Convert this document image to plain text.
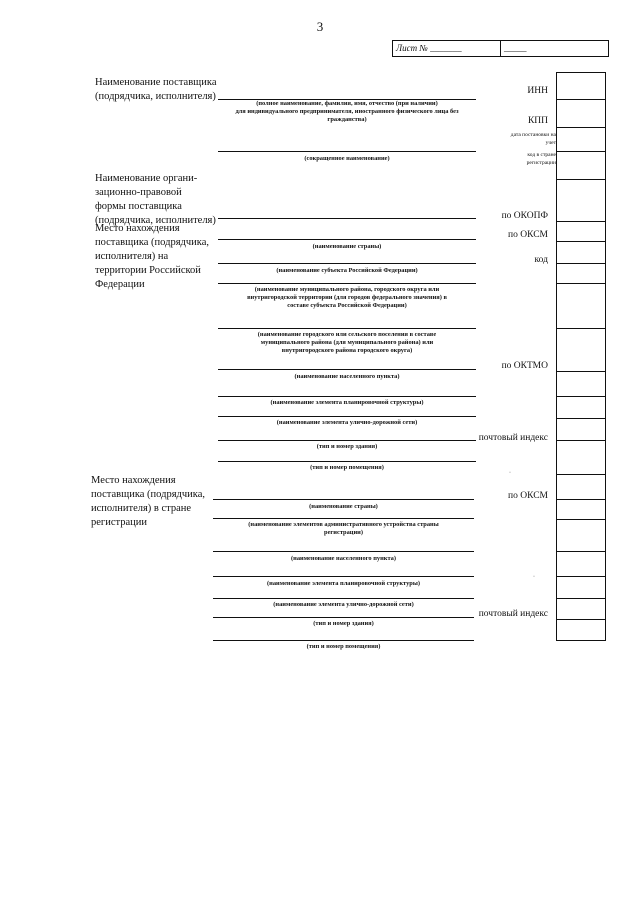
3
Лист № _______	_____
Наименование поставщика
(подрядчика, исполнителя)
Наименование органи-
зационно-правовой
формы поставщика
(подрядчика, исполнителя)
Место нахождения
поставщика (подрядчика,
исполнителя) на
территории Российской
Федерации
Место нахождения
поставщика (подрядчика,
исполнителя) в стране
регистрации
(полное наименование, фамилия, имя, отчество (при наличии)
для индивидуального предпринимателя, иностранного физического лица без
гражданства)
(сокращенное наименование)
(наименование страны)
(наименование субъекта Российской Федерации)
(наименование муниципального района, городского округа или
внутригородской территории (для городов федерального значения) в
составе субъекта Российской Федерации)
(наименование городского или сельского поселения в составе
муниципального района (для муниципального района) или
внутригородского района городского округа)
(наименование населенного пункта)
(наименование элемента планировочной структуры)
(наименование элемента улично-дорожной сети)
(тип и номер здания)
(тип и номер помещения)
(наименование страны)
(наименование элементов административного устройства страны
регистрации)
(наименование населенного пункта)
(наименование элемента планировочной структуры)
(наименование элемента улично-дорожной сети)
(тип и номер здания)
(тип и номер помещения)
ИНН
КПП
дата постановки на
учет
код в стране
регистрации
по ОКОПФ
по ОКСМ
код
по ОКТМО
почтовый индекс
по ОКСМ
почтовый индекс
·
·
